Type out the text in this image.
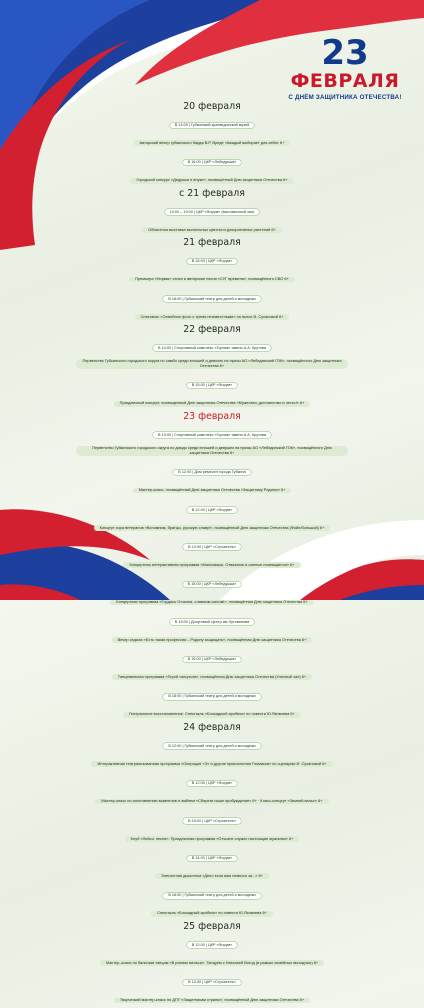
23
ФЕВРАЛЯ
С ДНЁМ ЗАЩИТНИКА ОТЕЧЕСТВА!
20 февраля
В 14:00 | Губкинский краеведческий музей
Авторский вечер губкинского барда В.Р. Вреде «Каждый выбирает для себя» 6+
В 16:00 | ЦКР «Лебедушка»
Городской конкурс «Дедушки и внуки», посвящённый Дню защитника Отечества 6+
с 21 февраля
10:00 – 19:00 | ЦКР «Форум» (выставочный зал)
Областная выставка выгоночных цветочно-декоративных растений 6+
21 февраля
В 15:00 | ЦКР «Форум»
Премьера «Нормы» стихи и авторские песни «СУГ времени», посвящённого СВО 6+
В 18:00 | Губкинский театр для детей и молодежи
Спектакль «Семейное фото с тремя неизвестными» по пьесе И. Сухановой 6+
22 февраля
В 14:00 | Спортивный комплекс «Горняк» имени А.А. Крутова
Первенство Губкинского городского округа по самбо среди юношей и девочек на призы АО «Лебединский ГОК», посвящённого Дню защитника Отечества 6+
В 15:00 | ЦКР «Форум»
Праздничный концерт, посвященный Дню защитника Отечества «Мужество, достоинство и честь!» 6+
23 февраля
В 13:00 | Спортивный комплекс «Горняк» имени А.А. Крутова
Первенство Губкинского городского округа по дзюдо среди юношей и девушек на призы АО «Лебединский ГОК», посвящённого Дню защитника Отечества 6+
В 12:00 | Дом ремесел города Губкина
Мастер-класс, посвящённый Дню защитника Отечества «Защитнику Родины» 6+
В 12:00 | ЦКР «Форум»
Концерт хора ветеранов «Вспомним, братцы, русскую славу!», посвящённый Дню защитника Отечества (Фойе/большой) 6+
В 12:00 | ЦКР «Строитель»
Концертная интерактивная программа «Мальчишки, Отважные и смелые посвящается» 6+
В 15:00 | ЦКР «Лебедушка»
Концертная программа «Гордись Отчизна, славным сыном!», посвящённая Дню защитника Отечества 6+
В 15:00 | Досуговый Центр им Лутовинова
Вечер отдыха «Есть такая профессия – Родину защищать», посвящённая Дню защитника Отечества 6+
В 15:00 | ЦКР «Лебедушка»
Танцевальная программа «Герой танцпола», посвящённая Дню защитника Отечества (Уличный зал) 6+
В 18:00 | Губкинский театр для детей и молодежи
Генеральное восстановление. Спектакль «Блокадный аробеск» по повести Ю.Яковлева 6+
24 февраля
В 12:00 | Губкинский театр для детей и молодежи
Интерактивная театрализованная программа «Операция «Э» и другие приключения Гномиков» по сценарию И. Сухановой 6+
В 12:00 | ЦКР «Форум»
Мастер-класс по изготовлению вымпелов и эмблем «Сбереги наше пробуждение» 6+ · Класс-концерт «Зимний вальс» 6+
В 15:00 | ЦКР «Строитель»
Клуб «Лейся, песня»: Праздничная программа «Отчизне служат настоящие мужчины» 6+
В 14:00 | ЦКР «Форум»
Элегантная дискотека «Дело если вам немного за...» 6+
В 18:00 | Губкинский театр для детей и молодежи
Спектакль «Блокадный аробеск» по повести Ю.Яковлева 6+
25 февраля
В 12:00 | ЦКР «Форум»
Мастер–класс по бальным танцам «В ритмах вальса». Танцуем с Натальей Вогод (в рамках семейных выходных) 6+
В 12:00 | ЦКР «Строитель»
Творческий мастер-класс по ДПТ «Защитникам страны», посвящённый Дню защитника Отечества 6+
